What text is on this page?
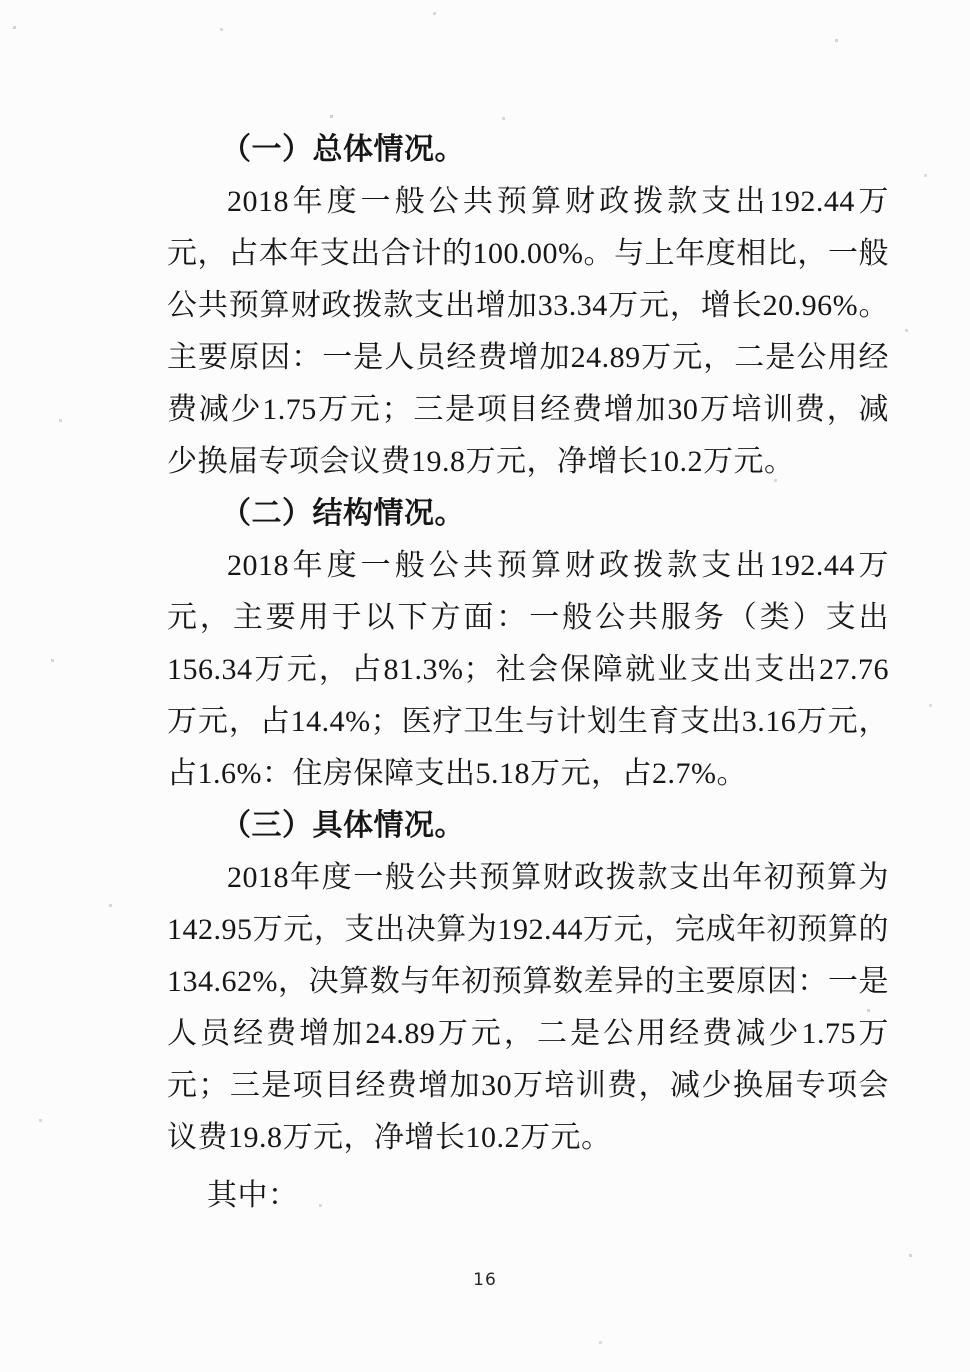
（一）总体情况。

2018年度一般公共预算财政拨款支出192.44万元，占本年支出合计的100.00%。与上年度相比，一般公共预算财政拨款支出增加33.34万元，增长20.96%。主要原因：一是人员经费增加24.89万元，二是公用经费减少1.75万元；三是项目经费增加30万培训费，减少换届专项会议费19.8万元，净增长10.2万元。

（二）结构情况。

2018年度一般公共预算财政拨款支出192.44万元，主要用于以下方面：一般公共服务（类）支出156.34万元，占81.3%；社会保障就业支出支出27.76万元，占14.4%；医疗卫生与计划生育支出3.16万元，占1.6%：住房保障支出5.18万元，占2.7%。

（三）具体情况。

2018年度一般公共预算财政拨款支出年初预算为142.95万元，支出决算为192.44万元，完成年初预算的134.62%，决算数与年初预算数差异的主要原因：一是人员经费增加24.89万元，二是公用经费减少1.75万元；三是项目经费增加30万培训费，减少换届专项会议费19.8万元，净增长10.2万元。

其中：

16
